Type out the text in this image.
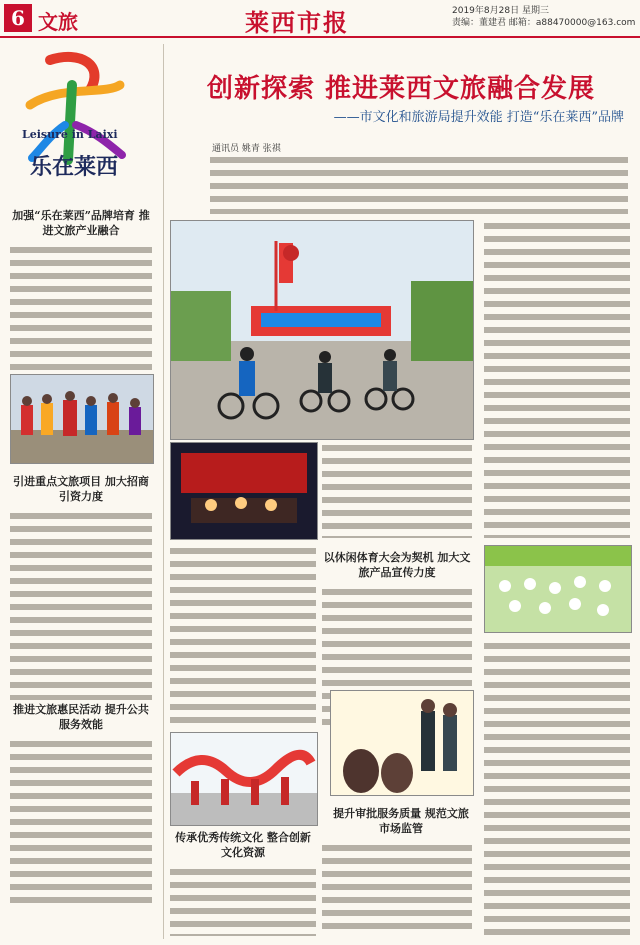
6 文旅	莱西市报	2019年8月28日 星期三
责编：董建君 邮箱：a88470000@163.com
Leisure in Laixi
乐在莱西
加强“乐在莱西”品牌培育 推进文旅产业融合
引进重点文旅项目 加大招商引资力度
推进文旅惠民活动 提升公共服务效能
创新探索 推进莱西文旅融合发展
——市文化和旅游局提升效能 打造“乐在莱西”品牌
通讯员 姚青 张祺
以休闲体育大会为契机 加大文旅产品宣传力度
传承优秀传统文化 整合创新文化资源
提升审批服务质量 规范文旅市场监管
